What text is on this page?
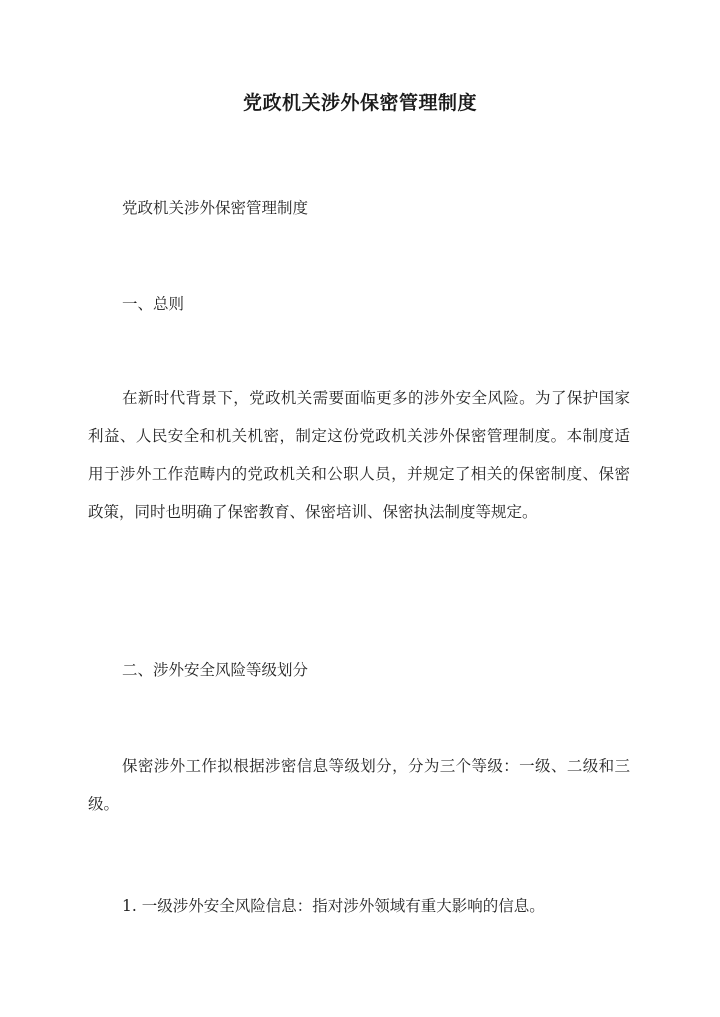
党政机关涉外保密管理制度
党政机关涉外保密管理制度
一、总则

在新时代背景下，党政机关需要面临更多的涉外安全风险。为了保护国家利益、人民安全和机关机密，制定这份党政机关涉外保密管理制度。本制度适用于涉外工作范畴内的党政机关和公职人员，并规定了相关的保密制度、保密政策，同时也明确了保密教育、保密培训、保密执法制度等规定。

二、涉外安全风险等级划分

保密涉外工作拟根据涉密信息等级划分，分为三个等级：一级、二级和三级。

1. 一级涉外安全风险信息：指对涉外领域有重大影响的信息。
